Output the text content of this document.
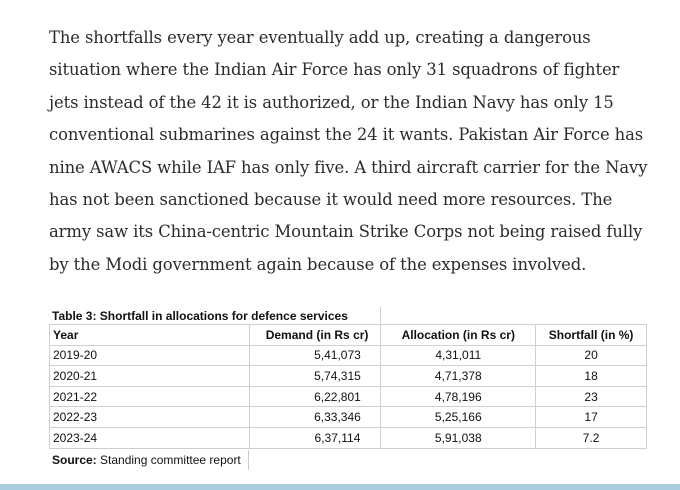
The shortfalls every year eventually add up, creating a dangerous
situation where the Indian Air Force has only 31 squadrons of fighter
jets instead of the 42 it is authorized, or the Indian Navy has only 15
conventional submarines against the 24 it wants. Pakistan Air Force has
nine AWACS while IAF has only five. A third aircraft carrier for the Navy
has not been sanctioned because it would need more resources. The
army saw its China-centric Mountain Strike Corps not being raised fully
by the Modi government again because of the expenses involved.
Table 3: Shortfall in allocations for defence services
Year	Demand (in Rs cr)	Allocation (in Rs cr)	Shortfall (in %)
2019-20	5,41,073	4,31,011	20
2020-21	5,74,315	4,71,378	18
2021-22	6,22,801	4,78,196	23
2022-23	6,33,346	5,25,166	17
2023-24	6,37,114	5,91,038	7.2
Source: Standing committee report
